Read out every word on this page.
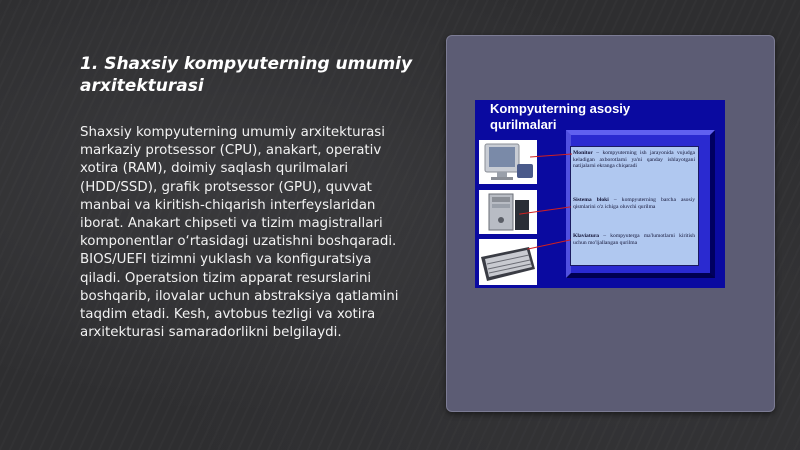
1. Shaxsiy kompyuterning umumiy arxitekturasi

Shaxsiy kompyuterning umumiy arxitekturasi markaziy protsessor (CPU), anakart, operativ xotira (RAM), doimiy saqlash qurilmalari (HDD/SSD), grafik protsessor (GPU), quvvat manbai va kiritish-chiqarish interfeyslaridan iborat. Anakart chipseti va tizim magistrallari komponentlar o‘rtasidagi uzatishni boshqaradi. BIOS/UEFI tizimni yuklash va konfiguratsiya qiladi. Operatsion tizim apparat resurslarini boshqarib, ilovalar uchun abstraksiya qatlamini taqdim etadi. Kesh, avtobus tezligi va xotira arxitekturasi samaradorlikni belgilaydi.

Kompyuterning asosiy qurilmalari
Monitor – kompyuterning ish jarayonida vujudga keladigan axborotlarni ya'ni qanday ishlayotgani natijalarni ekranga chiqaradi
Sistema bloki – kompyuterning barcha asosiy qismlarini o'z ichiga oluvchi qurilma
Klaviatura – kompyuterga ma'lumotlarni kiritish uchun mo'ljallangan qurilma
